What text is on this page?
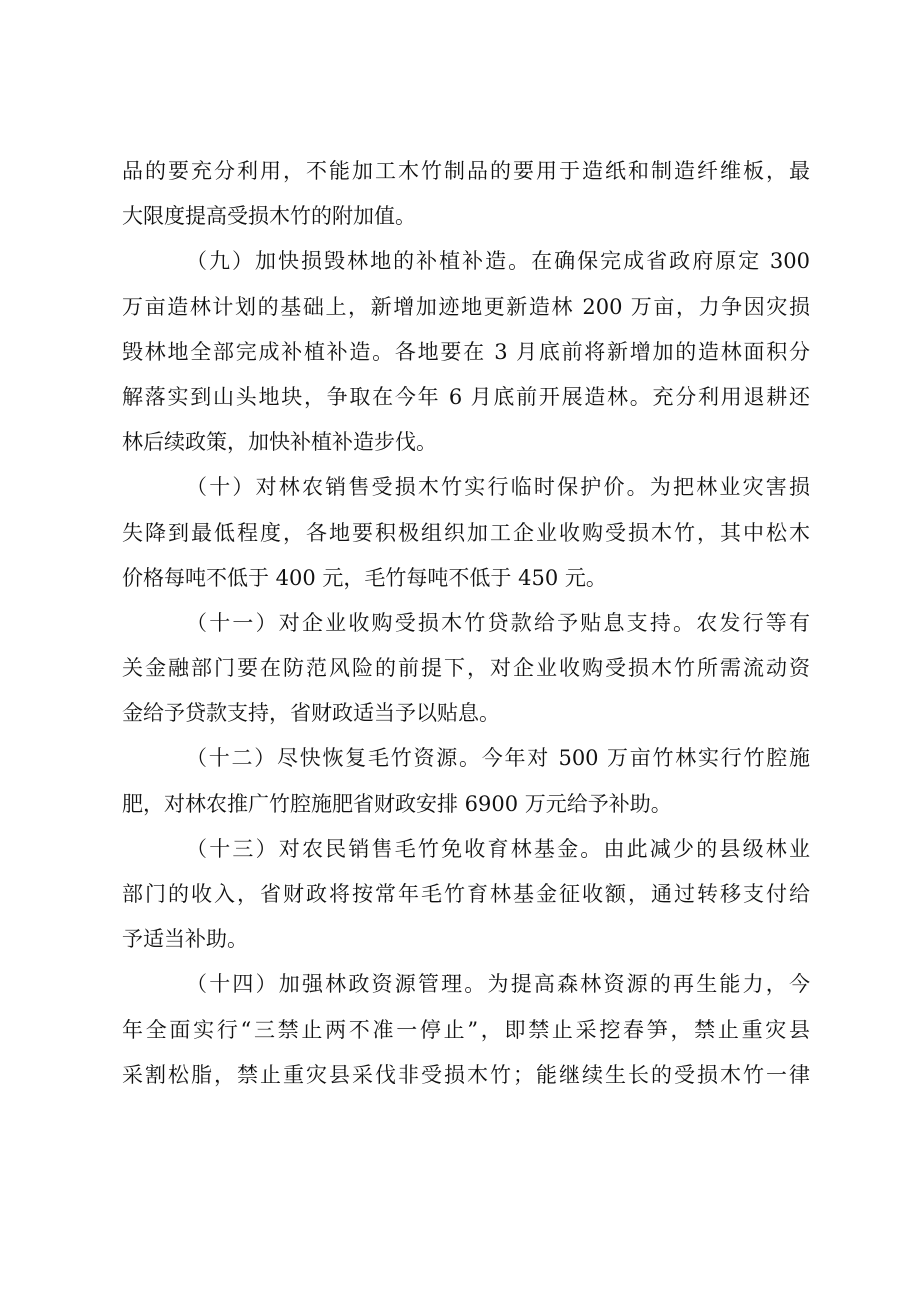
品的要充分利用，不能加工木竹制品的要用于造纸和制造纤维板，最
大限度提高受损木竹的附加值。
（九）加快损毁林地的补植补造。在确保完成省政府原定 300
万亩造林计划的基础上，新增加迹地更新造林 200 万亩，力争因灾损
毁林地全部完成补植补造。各地要在 3 月底前将新增加的造林面积分
解落实到山头地块，争取在今年 6 月底前开展造林。充分利用退耕还
林后续政策，加快补植补造步伐。
（十）对林农销售受损木竹实行临时保护价。为把林业灾害损
失降到最低程度，各地要积极组织加工企业收购受损木竹，其中松木
价格每吨不低于 400 元，毛竹每吨不低于 450 元。
（十一）对企业收购受损木竹贷款给予贴息支持。农发行等有
关金融部门要在防范风险的前提下，对企业收购受损木竹所需流动资
金给予贷款支持，省财政适当予以贴息。
（十二）尽快恢复毛竹资源。今年对 500 万亩竹林实行竹腔施
肥，对林农推广竹腔施肥省财政安排 6900 万元给予补助。
（十三）对农民销售毛竹免收育林基金。由此减少的县级林业
部门的收入，省财政将按常年毛竹育林基金征收额，通过转移支付给
予适当补助。
（十四）加强林政资源管理。为提高森林资源的再生能力，今
年全面实行“三禁止两不准一停止”，即禁止采挖春笋，禁止重灾县
采割松脂，禁止重灾县采伐非受损木竹；能继续生长的受损木竹一律
